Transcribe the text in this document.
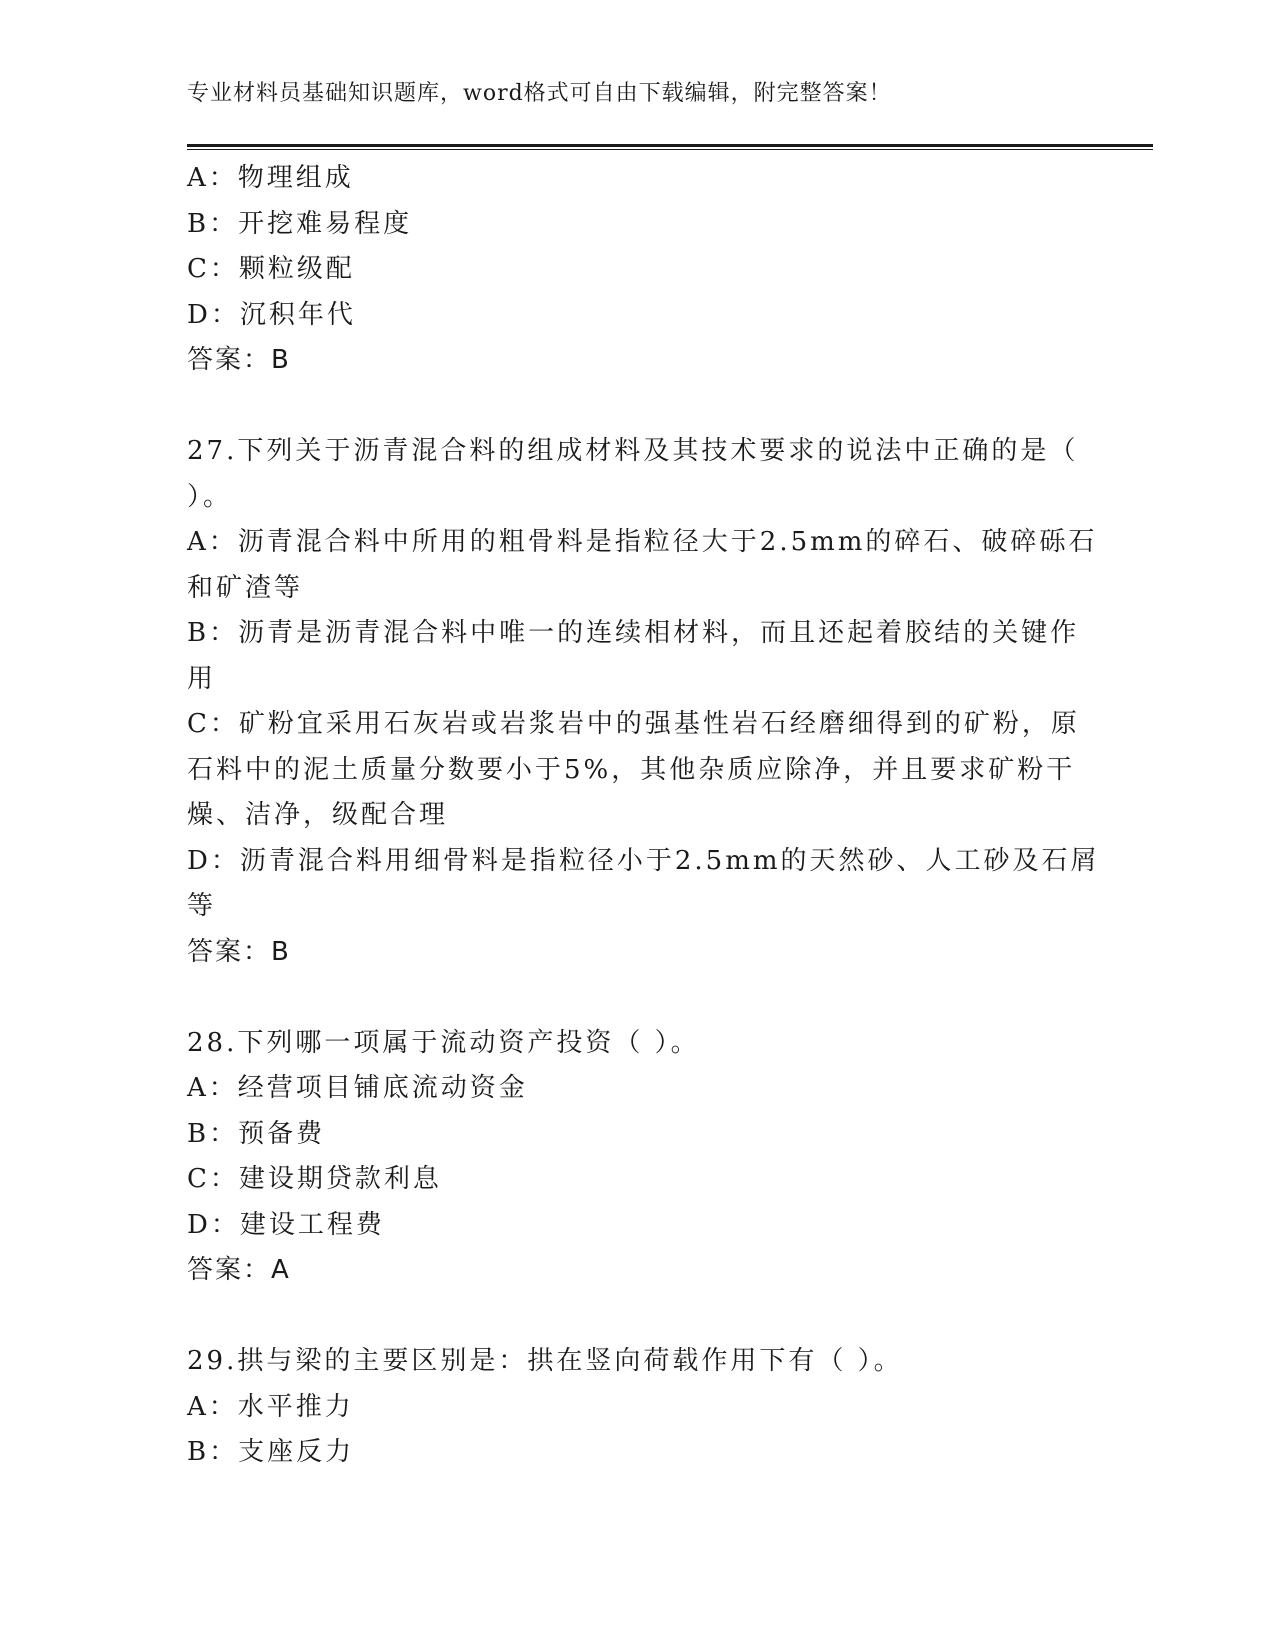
专业材料员基础知识题库，word格式可自由下载编辑，附完整答案！
A：物理组成
B：开挖难易程度
C：颗粒级配
D：沉积年代
答案：B
27.下列关于沥青混合料的组成材料及其技术要求的说法中正确的是（
）。
A：沥青混合料中所用的粗骨料是指粒径大于2.5mm的碎石、破碎砾石
和矿渣等
B：沥青是沥青混合料中唯一的连续相材料，而且还起着胶结的关键作
用
C：矿粉宜采用石灰岩或岩浆岩中的强基性岩石经磨细得到的矿粉，原
石料中的泥土质量分数要小于5%，其他杂质应除净，并且要求矿粉干
燥、洁净，级配合理
D：沥青混合料用细骨料是指粒径小于2.5mm的天然砂、人工砂及石屑
等
答案：B
28.下列哪一项属于流动资产投资（ ）。
A：经营项目铺底流动资金
B：预备费
C：建设期贷款利息
D：建设工程费
答案：A
29.拱与梁的主要区别是：拱在竖向荷载作用下有（ ）。
A：水平推力
B：支座反力
